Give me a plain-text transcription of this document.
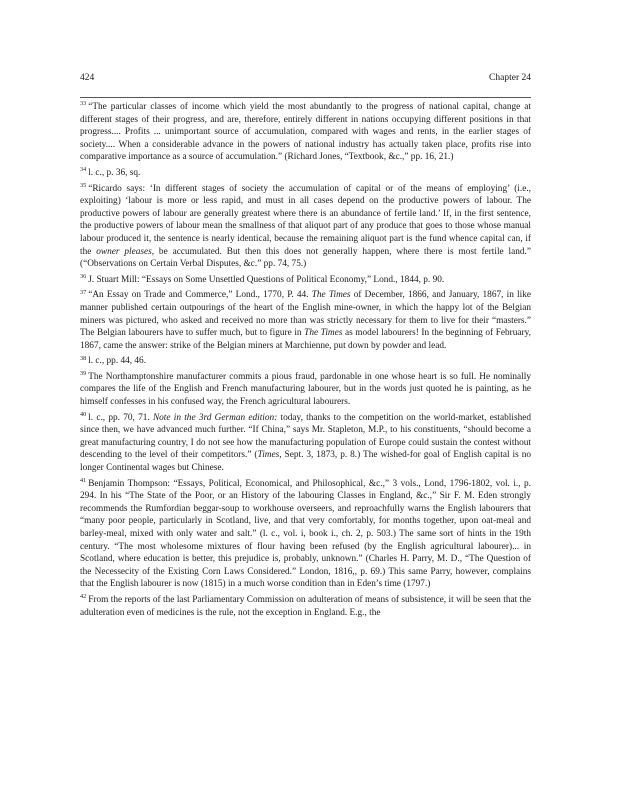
424	Chapter 24

$^{33}$ “The particular classes of income which yield the most abundantly to the progress of national capital, change at different stages of their progress, and are, therefore, entirely different in nations occupying different positions in that progress.... Profits ... unimportant source of accumulation, compared with wages and rents, in the earlier stages of society.... When a considerable advance in the powers of national industry has actually taken place, profits rise into comparative importance as a source of accumulation.” (Richard Jones, “Textbook, &c.,” pp. 16, 21.)

$^{34}$ l. c., p. 36, sq.

$^{35}$ “Ricardo says: ‘In different stages of society the accumulation of capital or of the means of employing’ (i.e., exploiting) ‘labour is more or less rapid, and must in all cases depend on the productive powers of labour. The productive powers of labour are generally greatest where there is an abundance of fertile land.’ If, in the first sentence, the productive powers of labour mean the smallness of that aliquot part of any produce that goes to those whose manual labour produced it, the sentence is nearly identical, because the remaining aliquot part is the fund whence capital can, if the owner pleases, be accumulated. But then this does not generally happen, where there is most fertile land.” (“Observations on Certain Verbal Disputes, &c.” pp. 74, 75.)

$^{36}$ J. Stuart Mill: “Essays on Some Unsettled Questions of Political Economy,” Lond., 1844, p. 90.

$^{37}$ “An Essay on Trade and Commerce,” Lond., 1770, P. 44. The Times of December, 1866, and January, 1867, in like manner published certain outpourings of the heart of the English mine-owner, in which the happy lot of the Belgian miners was pictured, who asked and received no more than was strictly necessary for them to live for their “masters.” The Belgian labourers have to suffer much, but to figure in The Times as model labourers! In the beginning of February, 1867, came the answer: strike of the Belgian miners at Marchienne, put down by powder and lead.

$^{38}$ l. c., pp. 44, 46.

$^{39}$ The Northamptonshire manufacturer commits a pious fraud, pardonable in one whose heart is so full. He nominally compares the life of the English and French manufacturing labourer, but in the words just quoted he is painting, as he himself confesses in his confused way, the French agricultural labourers.

$^{40}$ l. c., pp. 70, 71. Note in the 3rd German edition: today, thanks to the competition on the world-market, established since then, we have advanced much further. “If China,” says Mr. Stapleton, M.P., to his constituents, “should become a great manufacturing country, I do not see how the manufacturing population of Europe could sustain the contest without descending to the level of their competitors.” (Times, Sept. 3, 1873, p. 8.) The wished-for goal of English capital is no longer Continental wages but Chinese.

$^{41}$ Benjamin Thompson: “Essays, Political, Economical, and Philosophical, &c.,” 3 vols., Lond, 1796-1802, vol. i., p. 294. In his “The State of the Poor, or an History of the labouring Classes in England, &c.,” Sir F. M. Eden strongly recommends the Rumfordian beggar-soup to workhouse overseers, and reproachfully warns the English labourers that “many poor people, particularly in Scotland, live, and that very comfortably, for months together, upon oat-meal and barley-meal, mixed with only water and salt.” (l. c., vol. i, book i., ch. 2, p. 503.) The same sort of hints in the 19th century. “The most wholesome mixtures of flour having been refused (by the English agricultural labourer)... in Scotland, where education is better, this prejudice is, probably, unknown.” (Charles H. Parry, M. D., “The Question of the Necessecity of the Existing Corn Laws Considered.” London, 1816,, p. 69.) This same Parry, however, complains that the English labourer is now (1815) in a much worse condition than in Eden’s time (1797.)

$^{42}$ From the reports of the last Parliamentary Commission on adulteration of means of subsistence, it will be seen that the adulteration even of medicines is the rule, not the exception in England. E.g., the
